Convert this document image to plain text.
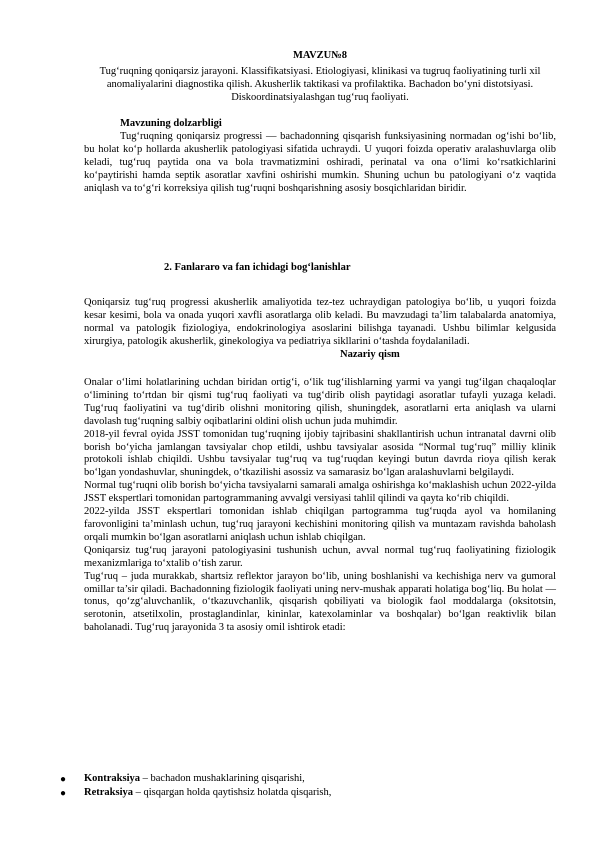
MAVZU№8
Tug‘ruqning qoniqarsiz jarayoni. Klassifikatsiyasi. Etiologiyasi, klinikasi va tugruq faoliyatining turli xil anomaliyalarini diagnostika qilish. Akusherlik taktikasi va profilaktika. Bachadon bo‘yni distotsiyasi. Diskoordinatsiyalashgan tug‘ruq faoliyati.
Mavzuning dolzarbligi

Tug‘ruqning qoniqarsiz progressi — bachadonning qisqarish funksiyasining normadan og‘ishi bo‘lib, bu holat ko‘p hollarda akusherlik patologiyasi sifatida uchraydi. U yuqori foizda operativ aralashuvlarga olib keladi, tug‘ruq paytida ona va bola travmatizmini oshiradi, perinatal va ona o‘limi ko‘rsatkichlarini ko‘paytirishi hamda septik asoratlar xavfini oshirishi mumkin. Shuning uchun bu patologiyani o‘z vaqtida aniqlash va to‘g‘ri korreksiya qilish tug‘ruqni boshqarishning asosiy bosqichlaridan biridir.

2. Fanlararo va fan ichidagi bog‘lanishlar

Qoniqarsiz tug‘ruq progressi akusherlik amaliyotida tez-tez uchraydigan patologiya bo‘lib, u yuqori foizda kesar kesimi, bola va onada yuqori xavfli asoratlarga olib keladi. Bu mavzudagi ta’lim talabalarda anatomiya, normal va patologik fiziologiya, endokrinologiya asoslarini bilishga tayanadi. Ushbu bilimlar kelgusida xirurgiya, patologik akusherlik, ginekologiya va pediatriya sikllarini o‘tashda foydalaniladi.

Nazariy qism

Onalar o‘limi holatlarining uchdan biridan ortig‘i, o‘lik tug‘ilishlarning yarmi va yangi tug‘ilgan chaqaloqlar o‘limining to‘rtdan bir qismi tug‘ruq faoliyati va tug‘dirib olish paytidagi asoratlar tufayli yuzaga keladi. Tug‘ruq faoliyatini va tug‘dirib olishni monitoring qilish, shuningdek, asoratlarni erta aniqlash va ularni davolash tug‘ruqning salbiy oqibatlarini oldini olish uchun juda muhimdir.

2018-yil fevral oyida JSST tomonidan tug‘ruqning ijobiy tajribasini shakllantirish uchun intranatal davrni olib borish bo‘yicha jamlangan tavsiyalar chop etildi, ushbu tavsiyalar asosida “Normal tug‘ruq” milliy klinik protokoli ishlab chiqildi. Ushbu tavsiyalar tug‘ruq va tug‘ruqdan keyingi butun davrda rioya qilish kerak bo‘lgan yondashuvlar, shuningdek, o‘tkazilishi asossiz va samarasiz bo‘lgan aralashuvlarni belgilaydi.

Normal tug‘ruqni olib borish bo‘yicha tavsiyalarni samarali amalga oshirishga ko‘maklashish uchun 2022-yilda JSST ekspertlari tomonidan partogrammaning avvalgi versiyasi tahlil qilindi va qayta ko‘rib chiqildi.

2022-yilda JSST ekspertlari tomonidan ishlab chiqilgan partogramma tug‘ruqda ayol va homilaning farovonligini ta’minlash uchun, tug‘ruq jarayoni kechishini monitoring qilish va muntazam ravishda baholash orqali mumkin bo‘lgan asoratlarni aniqlash uchun ishlab chiqilgan.

Qoniqarsiz tug‘ruq jarayoni patologiyasini tushunish uchun, avval normal tug‘ruq faoliyatining fiziologik mexanizmlariga to‘xtalib o‘tish zarur.

Tug‘ruq – juda murakkab, shartsiz reflektor jarayon bo‘lib, uning boshlanishi va kechishiga nerv va gumoral omillar ta’sir qiladi. Bachadonning fiziologik faoliyati uning nerv-mushak apparati holatiga bog‘liq. Bu holat — tonus, qo‘zg‘aluvchanlik, o‘tkazuvchanlik, qisqarish qobiliyati va biologik faol moddalarga (oksitotsin, serotonin, atsetilxolin, prostaglandinlar, kininlar, katexolaminlar va boshqalar) bo‘lgan reaktivlik bilan baholanadi. Tug‘ruq jarayonida 3 ta asosiy omil ishtirok etadi:

●	Kontraksiya – bachadon mushaklarining qisqarishi,
●	Retraksiya – qisqargan holda qaytishsiz holatda qisqarish,
